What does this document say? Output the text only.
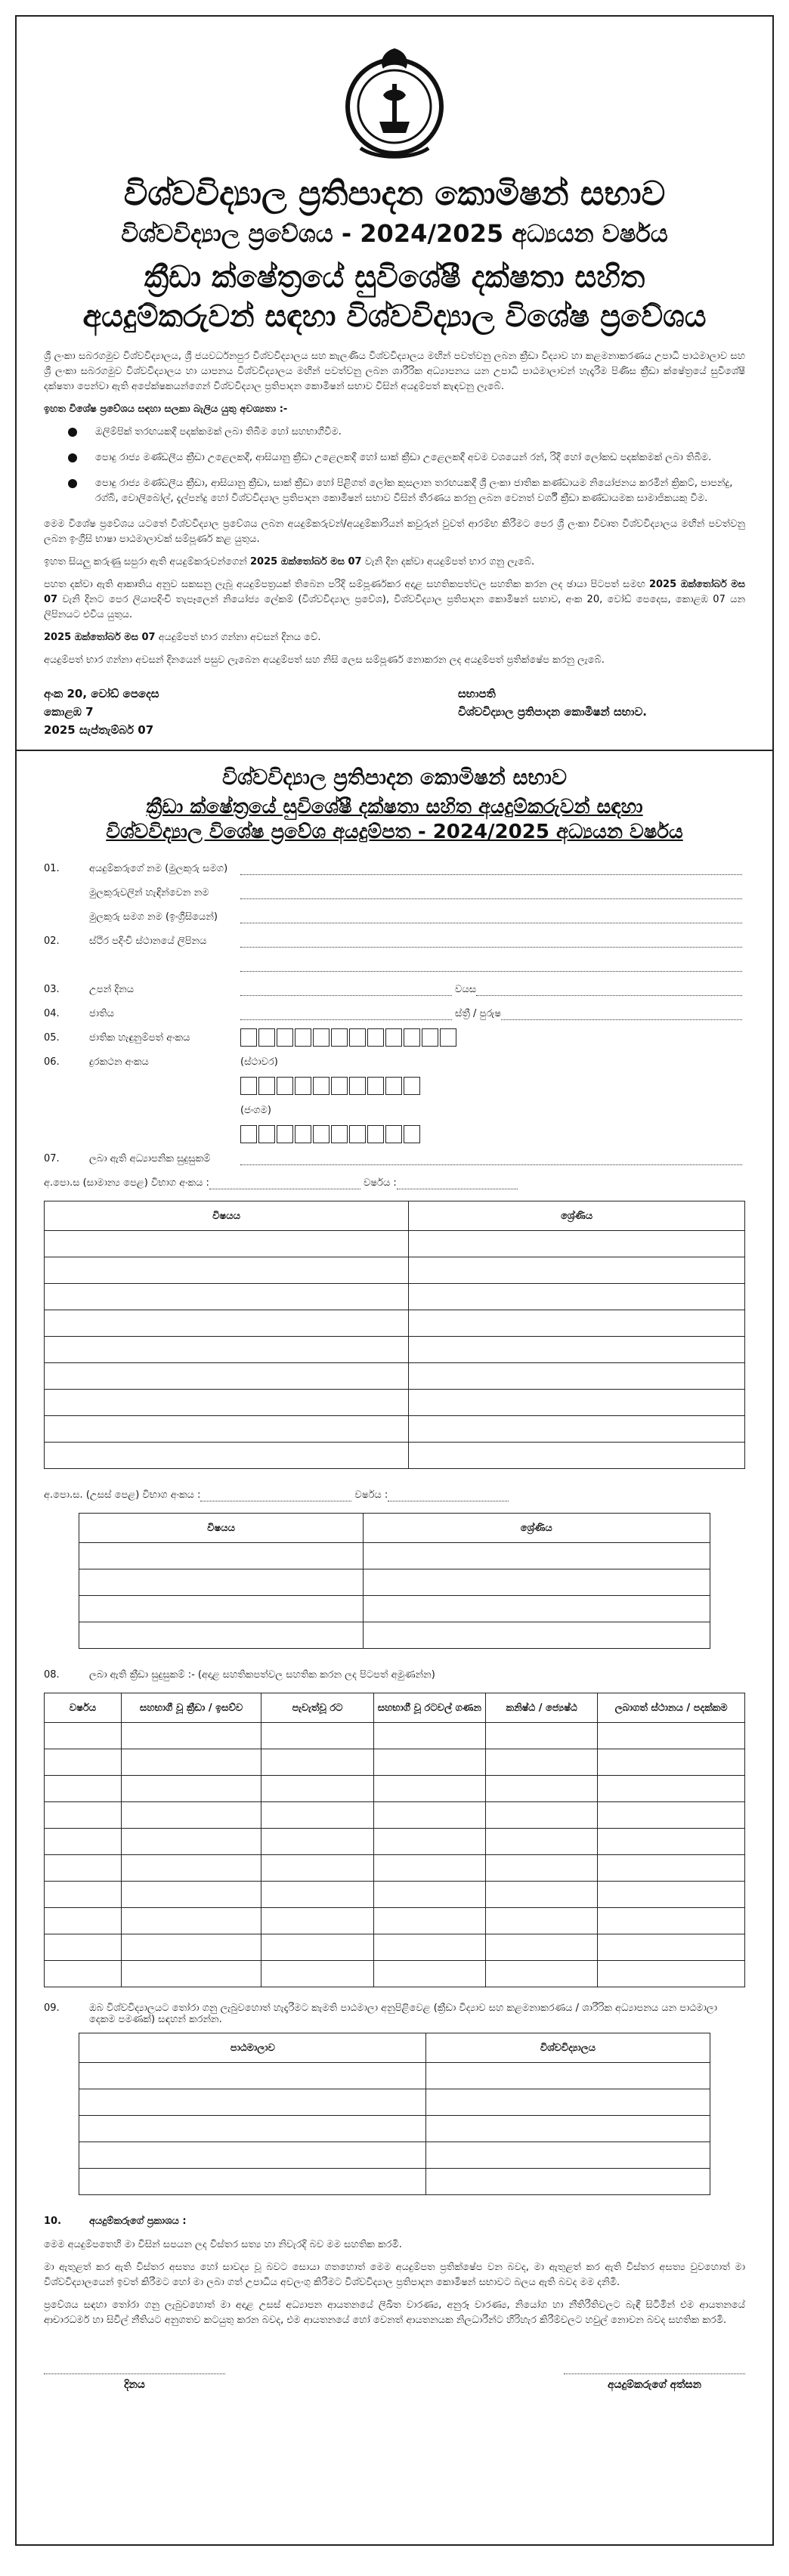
විශ්වවිද්‍යාල ප්‍රතිපාදන කොමිෂන් සභාව
විශ්වවිද්‍යාල ප්‍රවේශය - 2024/2025 අධ්‍යයන වර්ෂය
ක්‍රීඩා ක්ෂේත්‍රයේ සුවිශේෂී දක්ෂතා සහිත
අයදුම්කරුවන් සඳහා විශ්වවිද්‍යාල විශේෂ ප්‍රවේශය

ශ්‍රී ලංකා සබරගමුව විශ්වවිද්‍යාලය, ශ්‍රී ජයවර්ධනපුර විශ්වවිද්‍යාලය සහ කැලණිය විශ්වවිද්‍යාලය මඟින් පවත්වනු ලබන ක්‍රීඩා විද්‍යාව හා කළමනාකරණය උපාධි පාඨමාලාව සහ ශ්‍රී ලංකා සබරගමුව විශ්වවිද්‍යාලය හා යාපනය විශ්වවිද්‍යාලය මඟින් පවත්වනු ලබන ශාරීරික අධ්‍යාපනය යන උපාධි පාඨමාලාවන් හැදෑරීම පිණිස ක්‍රීඩා ක්ෂේත්‍රයේ සුවිශේෂී දක්ෂතා පෙන්වා ඇති අපේක්ෂකයන්ගෙන් විශ්වවිද්‍යාල ප්‍රතිපාදන කොමිෂන් සභාව විසින් අයදුම්පත් කැඳවනු ලැබේ.

ඉහත විශේෂ ප්‍රවේශය සඳහා සලකා බැලිය යුතු අවශ්‍යතා :-

ඔලිම්පික් තරඟයකදී පදක්කමක් ලබා තිබීම හෝ සහභාගීවීම.
පොදු රාජ්‍ය මණ්ඩලීය ක්‍රීඩා උළෙලකදී, ආසියානු ක්‍රීඩා උළෙලකදී හෝ සාක් ක්‍රීඩා උළෙලකදී අවම වශයෙන් රන්, රිදී හෝ ලෝකඩ පදක්කමක් ලබා තිබීම.
පොදු රාජ්‍ය මණ්ඩලීය ක්‍රීඩා, ආසියානු ක්‍රීඩා, සාක් ක්‍රීඩා හෝ පිළිගත් ලෝක කුසලාන තරඟයකදී ශ්‍රී ලංකා ජාතික කණ්ඩායම නියෝජනය කරමින් ක්‍රිකට්, පාපන්දු, රග්බි, වොලිබෝල්, දැල්පන්දු හෝ විශ්වවිද්‍යාල ප්‍රතිපාදන කොමිෂන් සභාව විසින් තීරණය කරනු ලබන වෙනත් වර්ගී ක්‍රීඩා කණ්ඩායමක සාමාජිකයකු වීම.

මෙම විශේෂ ප්‍රවේශය යටතේ විශ්වවිද්‍යාල ප්‍රවේශය ලබන අයදුම්කරුවන්/අයදුම්කාරියන් කවුරුන් වුවත් ආරම්භ කිරීමට පෙර ශ්‍රී ලංකා විවෘත විශ්වවිද්‍යාලය මඟින් පවත්වනු ලබන ඉංග්‍රීසි භාෂා පාඨමාලාවක් සම්පූර්ණ කළ යුතුය.

ඉහත සියලු කරුණු සපුරා ඇති අයදුම්කරුවන්ගෙන් 2025 ඔක්තෝබර් මස 07 වැනි දින දක්වා අයදුම්පත් භාර ගනු ලැබේ.

පහත දක්වා ඇති ආකෘතිය අනුව සකසනු ලැබූ අයදුම්පත්‍රයක් තිබෙන පරිදි සම්පූර්ණකර අදාළ සහතිකපත්වල සහතික කරන ලද ඡායා පිටපත් සමඟ 2025 ඔක්තෝබර් මස 07 වැනි දිනට පෙර ලියාපදිංචි තැපෑලෙන් නියෝජ්‍ය ලේකම් (විශ්වවිද්‍යාල ප්‍රවේශ), විශ්වවිද්‍යාල ප්‍රතිපාදන කොමිෂන් සභාව, අංක 20, වෝඩ් පෙදෙස, කොළඹ 07 යන ලිපිනයට එවිය යුතුය.

2025 ඔක්තෝබර් මස 07 අයදුම්පත් භාර ගන්නා අවසන් දිනය වේ.

අයදුම්පත් භාර ගන්නා අවසන් දිනයෙන් පසුව ලැබෙන අයදුම්පත් සහ නිසි ලෙස සම්පූර්ණ නොකරන ලද අයදුම්පත් ප්‍රතික්ෂේප කරනු ලැබේ.

අංක 20, වෝඩ් පෙදෙස
කොළඹ 7
2025 සැප්තැම්බර් 07
සභාපති
විශ්වවිද්‍යාල ප්‍රතිපාදන කොමිෂන් සභාව.
විශ්වවිද්‍යාල ප්‍රතිපාදන කොමිෂන් සභාව
ක්‍රීඩා ක්ෂේත්‍රයේ සුවිශේෂී දක්ෂතා සහිත අයදුම්කරුවන් සඳහා
විශ්වවිද්‍යාල විශේෂ ප්‍රවේශ අයදුම්පත - 2024/2025 අධ්‍යයන වර්ෂය
01.	අයදුම්කරුගේ නම (මුලකුරු සමග)
මුලකුරුවලින් හැඳින්වෙන නම
මුලකුරු සමග නම (ඉංග්‍රීසියෙන්)
02.	ස්ථිර පදිංචි ස්ථානයේ ලිපිනය
03.	උපන් දිනය	වයස
04.	ජාතිය	ස්ත්‍රී / පුරුෂ
05.	ජාතික හැඳුනුම්පත් අංකය
06.	දුරකථන අංකය	(ස්ථාවර)
(ජංගම)
07.	ලබා ඇති අධ්‍යාපනික සුදුසුකම්
අ.පො.ස (සාමාන්‍ය පෙළ) විභාග අංකය :	වර්ෂය :
විෂයය	ශ්‍රේණිය

අ.පො.ස. (උසස් පෙළ) විභාග අංකය :	වර්ෂය :
විෂයය	ශ්‍රේණිය

08.	ලබා ඇති ක්‍රීඩා සුදුසුකම් :- (අදාළ සහතිකපත්වල සහතික කරන ලද පිටපත් අමුණන්න)
වර්ෂය	සහභාගී වූ ක්‍රීඩා / ඉසව්ව	පැවැත්වූ රට	සහභාගී වූ රටවල් ගණන	කනිෂ්ඨ / ජ්‍යෙෂ්ඨ	ලබාගත් ස්ථානය / පදක්කම

09.	ඔබ විශ්වවිද්‍යාලයට තෝරා ගනු ලැබුවහොත් හැදෑරීමට කැමති පාඨමාලා අනුපිළිවෙළ (ක්‍රීඩා විද්‍යාව සහ කළමනාකරණය / ශාරීරික අධ්‍යාපනය යන පාඨමාලා දෙකම පමණක්) සඳහන් කරන්න.
පාඨමාලාව	විශ්වවිද්‍යාලය

10.	අයදුම්කරුගේ ප්‍රකාශය :

මෙම අයදුම්පතෙහි මා විසින් සපයන ලද විස්තර සත්‍ය හා නිවැරදි බව මම සහතික කරමි.

මා ඇතුළත් කර ඇති විස්තර අසත්‍ය හෝ සාවද්‍ය වූ බවට සොයා ගතහොත් මෙම අයදුම්පත ප්‍රතික්ෂේප වන බවද, මා ඇතුළත් කර ඇති විස්තර අසත්‍ය වුවහොත් මා විශ්වවිද්‍යාලයෙන් ඉවත් කිරීමට හෝ මා ලබා ගත් උපාධිය අවලංගු කිරීමට විශ්වවිද්‍යාල ප්‍රතිපාදන කොමිෂන් සභාවට බලය ඇති බවද මම දනිමි.

ප්‍රවේශය සඳහා තෝරා ගනු ලැබුවහොත් මා අදාළ උසස් අධ්‍යාපන ආයතනයේ ලිඛිත වාරණ්‍ය, අනුරූ වාරණ්‍ය, නියෝග හා නීතිරීතිවලට බැඳී සිටිමින් එම ආයතනයේ ආචාරධර්ම හා සිවිල් නීතියට අනුගතව කටයුතු කරන බවද, එම ආයතනයේ හෝ වෙනත් ආයතනයක නිලධාරීන්ට හිරිහැර කිරීම්වලට හවුල් නොවන බවද සහතික කරමි.

දිනය	අයදුම්කරුගේ අත්සන
